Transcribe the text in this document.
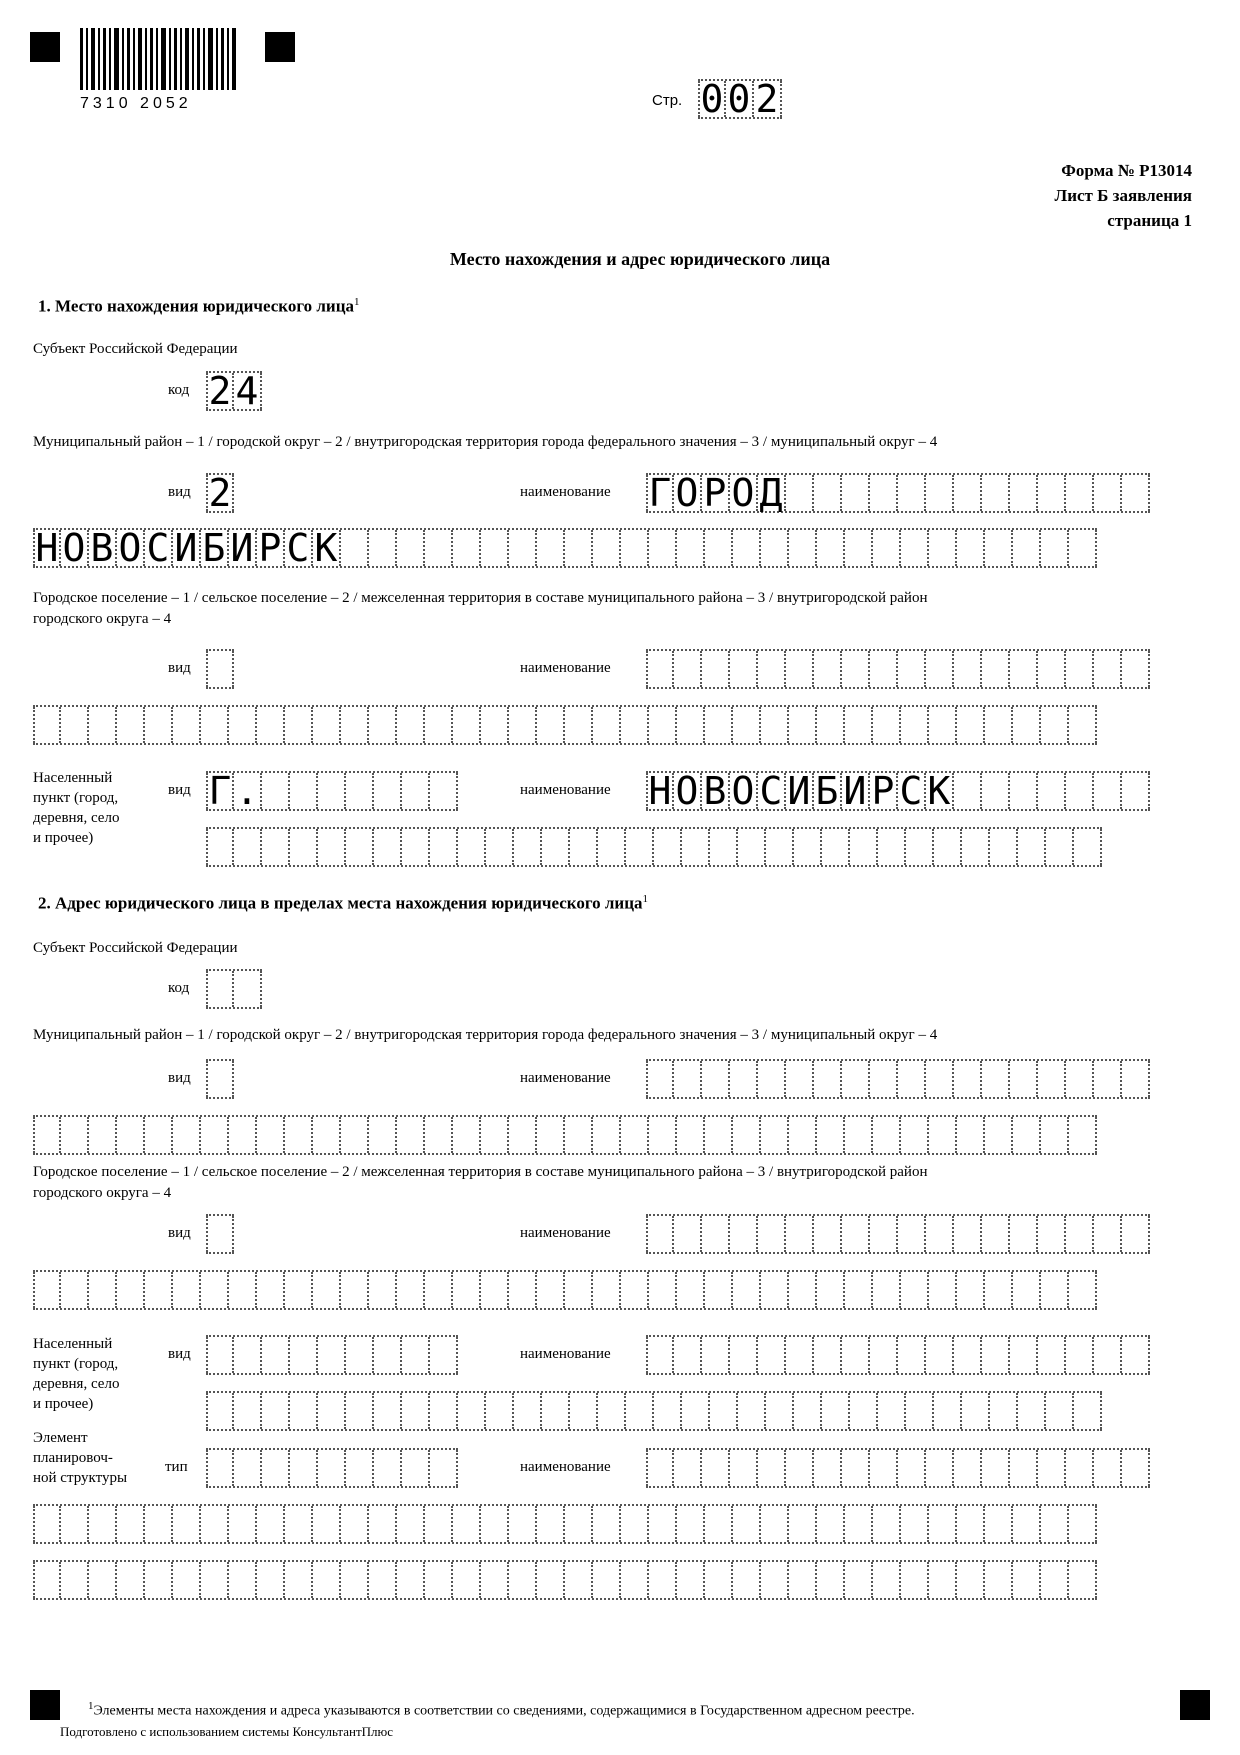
7310 2052	Стр. 0 0 2
Форма № Р13014
Лист Б заявления
страница 1
Место нахождения и адрес юридического лица
1. Место нахождения юридического лица$^1$
Субъект Российской Федерации
код 2 4
Муниципальный район – 1 / городской округ – 2 / внутригородская территория города федерального значения – 3 / муниципальный округ – 4
вид 2	наименование Г О Р О Д
Н О В О С И Б И Р С К
Городское поселение – 1 / сельское поселение – 2 / межселенная территория в составе муниципального района – 3 / внутригородской район
городского округа – 4
вид	наименование
Населенный
пункт (город,
деревня, село
и прочее)
вид Г .	наименование Н О В О С И Б И Р С К
2. Адрес юридического лица в пределах места нахождения юридического лица$^1$
Субъект Российской Федерации
код
Муниципальный район – 1 / городской округ – 2 / внутригородская территория города федерального значения – 3 / муниципальный округ – 4
вид	наименование
Городское поселение – 1 / сельское поселение – 2 / межселенная территория в составе муниципального района – 3 / внутригородской район
городского округа – 4
вид	наименование
Населенный
пункт (город,
деревня, село
и прочее)
вид	наименование
Элемент
планировоч-
ной структуры
тип	наименование
$^1$Элементы места нахождения и адреса указываются в соответствии со сведениями, содержащимися в Государственном адресном реестре.
Подготовлено с использованием системы КонсультантПлюс
